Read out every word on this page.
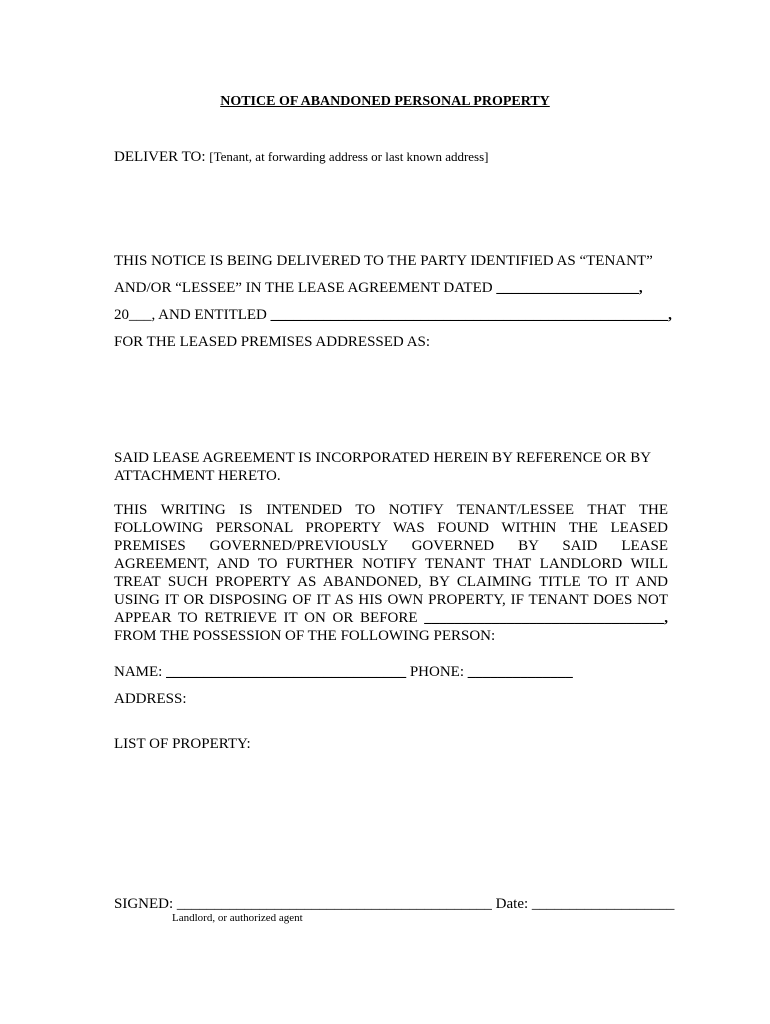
NOTICE OF ABANDONED PERSONAL PROPERTY
DELIVER TO: [Tenant, at forwarding address or last known address]
THIS NOTICE IS BEING DELIVERED TO THE PARTY IDENTIFIED AS “TENANT”
AND/OR “LESSEE” IN THE LEASE AGREEMENT DATED ___________________,
20___, AND ENTITLED _____________________________________________________,
FOR THE LEASED PREMISES ADDRESSED AS:
SAID LEASE AGREEMENT IS INCORPORATED HEREIN BY REFERENCE OR BY
ATTACHMENT HERETO.
THIS WRITING IS INTENDED TO NOTIFY TENANT/LESSEE THAT THE
FOLLOWING PERSONAL PROPERTY WAS FOUND WITHIN THE LEASED
PREMISES GOVERNED/PREVIOUSLY GOVERNED BY SAID LEASE
AGREEMENT, AND TO FURTHER NOTIFY TENANT THAT LANDLORD WILL
TREAT SUCH PROPERTY AS ABANDONED, BY CLAIMING TITLE TO IT AND
USING IT OR DISPOSING OF IT AS HIS OWN PROPERTY, IF TENANT DOES NOT
APPEAR TO RETRIEVE IT ON OR BEFORE ________________________________,
FROM THE POSSESSION OF THE FOLLOWING PERSON:
NAME: ________________________________ PHONE: ______________
ADDRESS:
LIST OF PROPERTY:
SIGNED: __________________________________________ Date: ___________________
Landlord, or authorized agent
